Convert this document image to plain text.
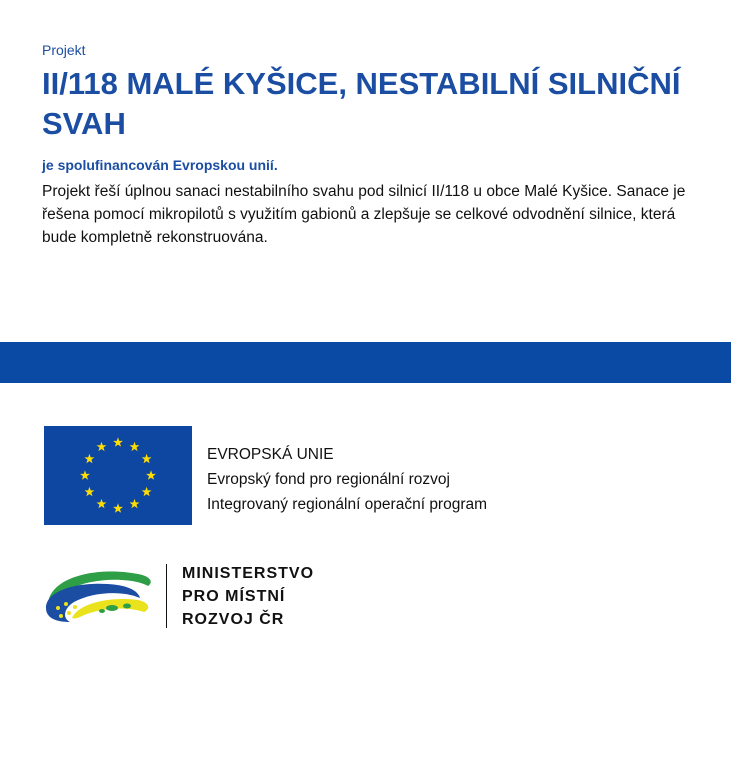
Projekt

II/118 MALÉ KYŠICE, NESTABILNÍ SILNIČNÍ SVAH

je spolufinancován Evropskou unií.

Projekt řeší úplnou sanaci nestabilního svahu pod silnicí II/118 u obce Malé Kyšice. Sanace je řešena pomocí mikropilotů s využitím gabionů a zlepšuje se celkové odvodnění silnice, která bude kompletně rekonstruována.

EVROPSKÁ UNIE
Evropský fond pro regionální rozvoj
Integrovaný regionální operační program
MINISTERSTVO
PRO MÍSTNÍ
ROZVOJ ČR
